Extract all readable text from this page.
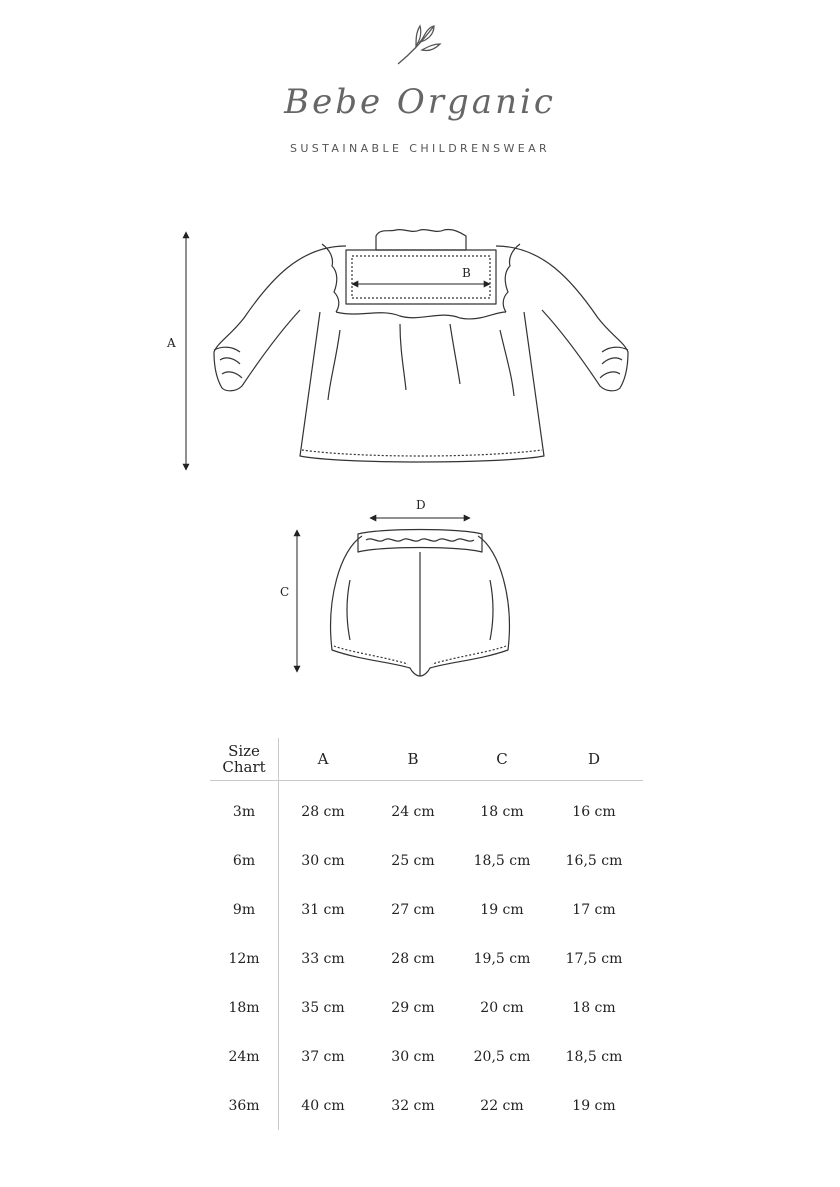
Bebe Organic
SUSTAINABLE CHILDRENSWEAR
A
B
C
D
Size Chart	A	B	C	D
3m	28 cm	24 cm	18 cm	16 cm
6m	30 cm	25 cm	18,5 cm	16,5 cm
9m	31 cm	27 cm	19 cm	17 cm
12m	33 cm	28 cm	19,5 cm	17,5 cm
18m	35 cm	29 cm	20 cm	18 cm
24m	37 cm	30 cm	20,5 cm	18,5 cm
36m	40 cm	32 cm	22 cm	19 cm
